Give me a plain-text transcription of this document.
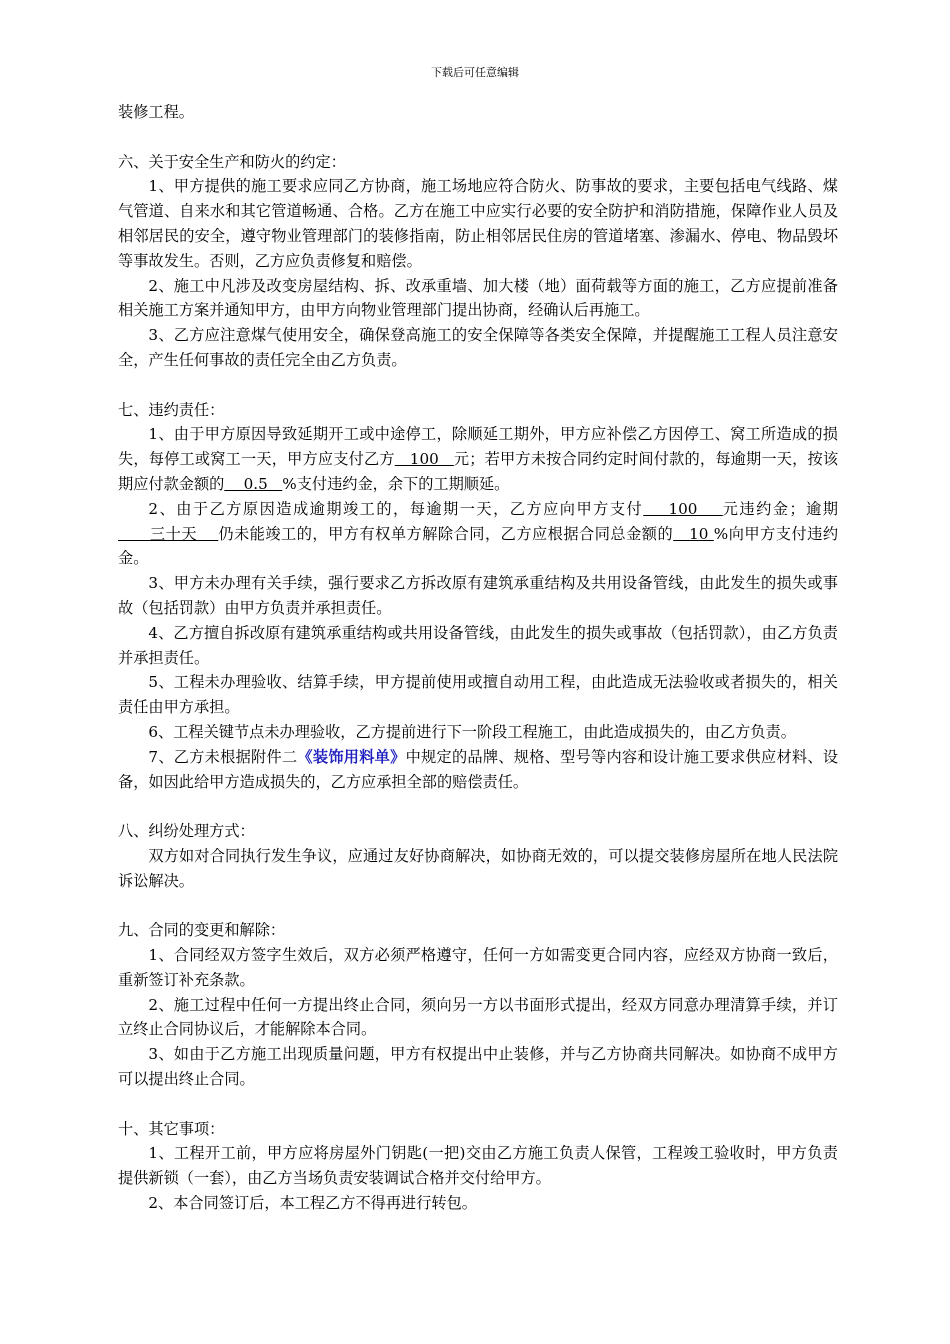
下载后可任意编辑

装修工程。

六、关于安全生产和防火的约定：

1、甲方提供的施工要求应同乙方协商，施工场地应符合防火、防事故的要求，主要包括电气线路、煤气管道、自来水和其它管道畅通、合格。乙方在施工中应实行必要的安全防护和消防措施，保障作业人员及相邻居民的安全，遵守物业管理部门的装修指南，防止相邻居民住房的管道堵塞、渗漏水、停电、物品毁坏等事故发生。否则，乙方应负责修复和赔偿。

2、施工中凡涉及改变房屋结构、拆、改承重墙、加大楼（地）面荷载等方面的施工，乙方应提前准备相关施工方案并通知甲方，由甲方向物业管理部门提出协商，经确认后再施工。

3、乙方应注意煤气使用安全，确保登高施工的安全保障等各类安全保障，并提醒施工工程人员注意安全，产生任何事故的责任完全由乙方负责。

七、违约责任：

1、由于甲方原因导致延期开工或中途停工，除顺延工期外，甲方应补偿乙方因停工、窝工所造成的损失，每停工或窝工一天，甲方应支付乙方   100   元；若甲方未按合同约定时间付款的，每逾期一天，按该期应付款金额的    0.5   %支付违约金，余下的工期顺延。

2、由于乙方原因造成逾期竣工的，每逾期一天，乙方应向甲方支付    100    元违约金；逾期      三十天    仍未能竣工的，甲方有权单方解除合同，乙方应根据合同总金额的   10 %向甲方支付违约金。

3、甲方未办理有关手续，强行要求乙方拆改原有建筑承重结构及共用设备管线，由此发生的损失或事故（包括罚款）由甲方负责并承担责任。

4、乙方擅自拆改原有建筑承重结构或共用设备管线，由此发生的损失或事故（包括罚款），由乙方负责并承担责任。

5、工程未办理验收、结算手续，甲方提前使用或擅自动用工程，由此造成无法验收或者损失的，相关责任由甲方承担。

6、工程关键节点未办理验收，乙方提前进行下一阶段工程施工，由此造成损失的，由乙方负责。

7、乙方未根据附件二《装饰用料单》中规定的品牌、规格、型号等内容和设计施工要求供应材料、设备，如因此给甲方造成损失的，乙方应承担全部的赔偿责任。

八、纠纷处理方式：

双方如对合同执行发生争议，应通过友好协商解决，如协商无效的，可以提交装修房屋所在地人民法院诉讼解决。

九、合同的变更和解除：

1、合同经双方签字生效后，双方必须严格遵守，任何一方如需变更合同内容，应经双方协商一致后，重新签订补充条款。

2、施工过程中任何一方提出终止合同，须向另一方以书面形式提出，经双方同意办理清算手续，并订立终止合同协议后，才能解除本合同。

3、如由于乙方施工出现质量问题，甲方有权提出中止装修，并与乙方协商共同解决。如协商不成甲方可以提出终止合同。

十、其它事项：

1、工程开工前，甲方应将房屋外门钥匙(一把)交由乙方施工负责人保管，工程竣工验收时，甲方负责提供新锁（一套），由乙方当场负责安装调试合格并交付给甲方。

2、本合同签订后，本工程乙方不得再进行转包。
